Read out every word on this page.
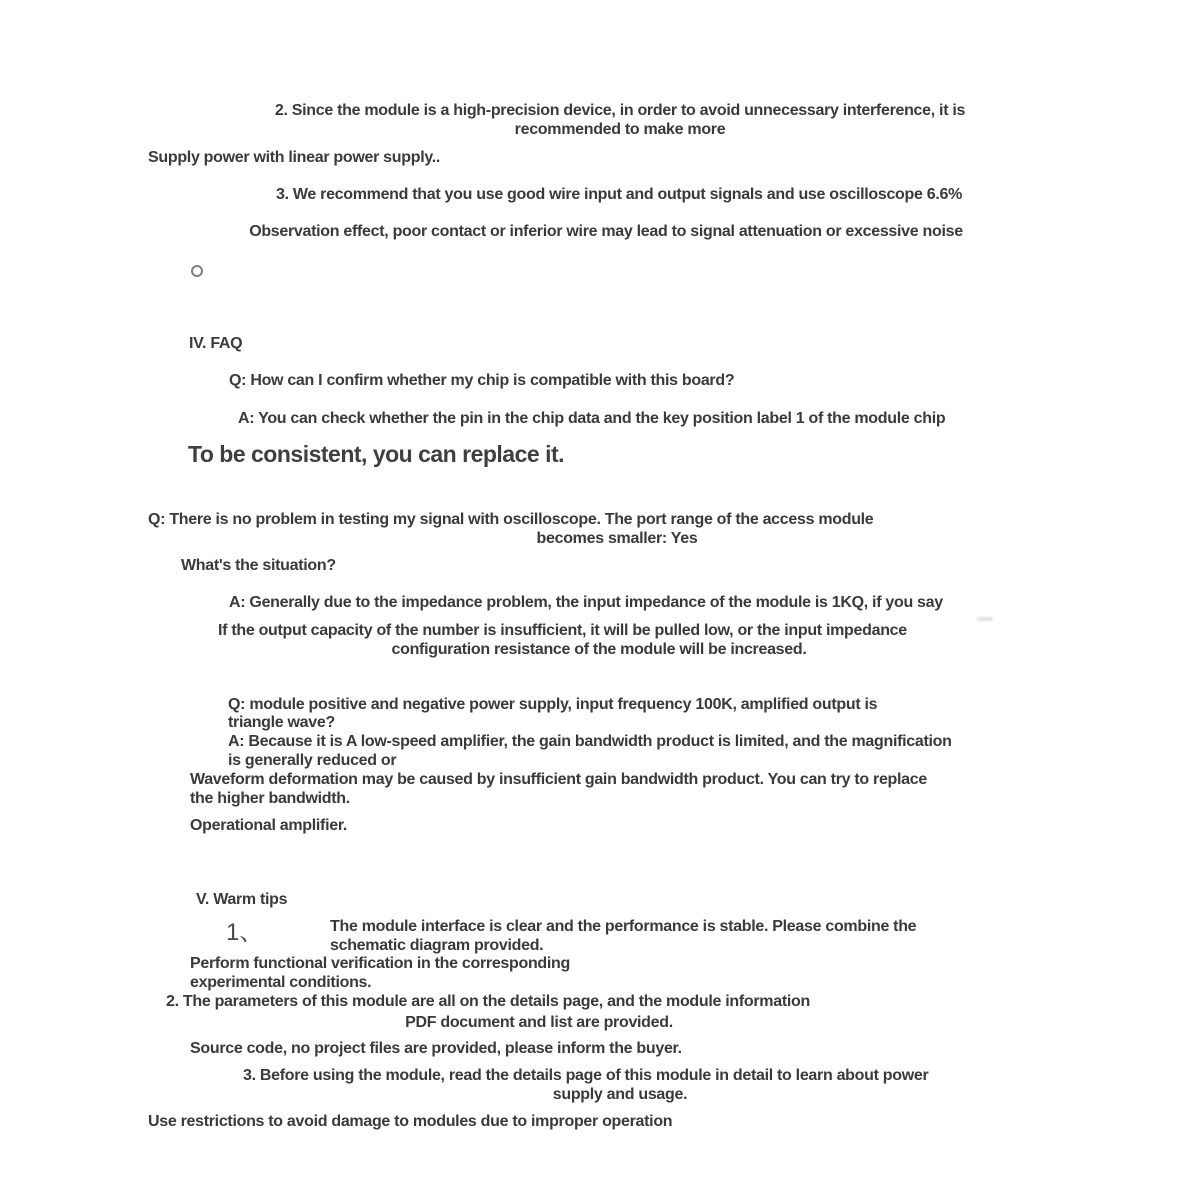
2. Since the module is a high-precision device, in order to avoid unnecessary interference, it is
recommended to make more
Supply power with linear power supply..
3. We recommend that you use good wire input and output signals and use oscilloscope 6.6%
Observation effect, poor contact or inferior wire may lead to signal attenuation or excessive noise
IV. FAQ
Q: How can I confirm whether my chip is compatible with this board?
A: You can check whether the pin in the chip data and the key position label 1 of the module chip
To be consistent, you can replace it.
Q: There is no problem in testing my signal with oscilloscope. The port range of the access module
becomes smaller: Yes
What's the situation?
A: Generally due to the impedance problem, the input impedance of the module is 1KQ, if you say
If the output capacity of the number is insufficient, it will be pulled low, or the input impedance
configuration resistance of the module will be increased.
Q: module positive and negative power supply, input frequency 100K, amplified output is
triangle wave?
A: Because it is A low-speed amplifier, the gain bandwidth product is limited, and the magnification
is generally reduced or
Waveform deformation may be caused by insufficient gain bandwidth product. You can try to replace
the higher bandwidth.
Operational amplifier.
V. Warm tips
1、	The module interface is clear and the performance is stable. Please combine the
schematic diagram provided.
Perform functional verification in the corresponding
experimental conditions.
2. The parameters of this module are all on the details page, and the module information
PDF document and list are provided.
Source code, no project files are provided, please inform the buyer.
3. Before using the module, read the details page of this module in detail to learn about power
supply and usage.
Use restrictions to avoid damage to modules due to improper operation
